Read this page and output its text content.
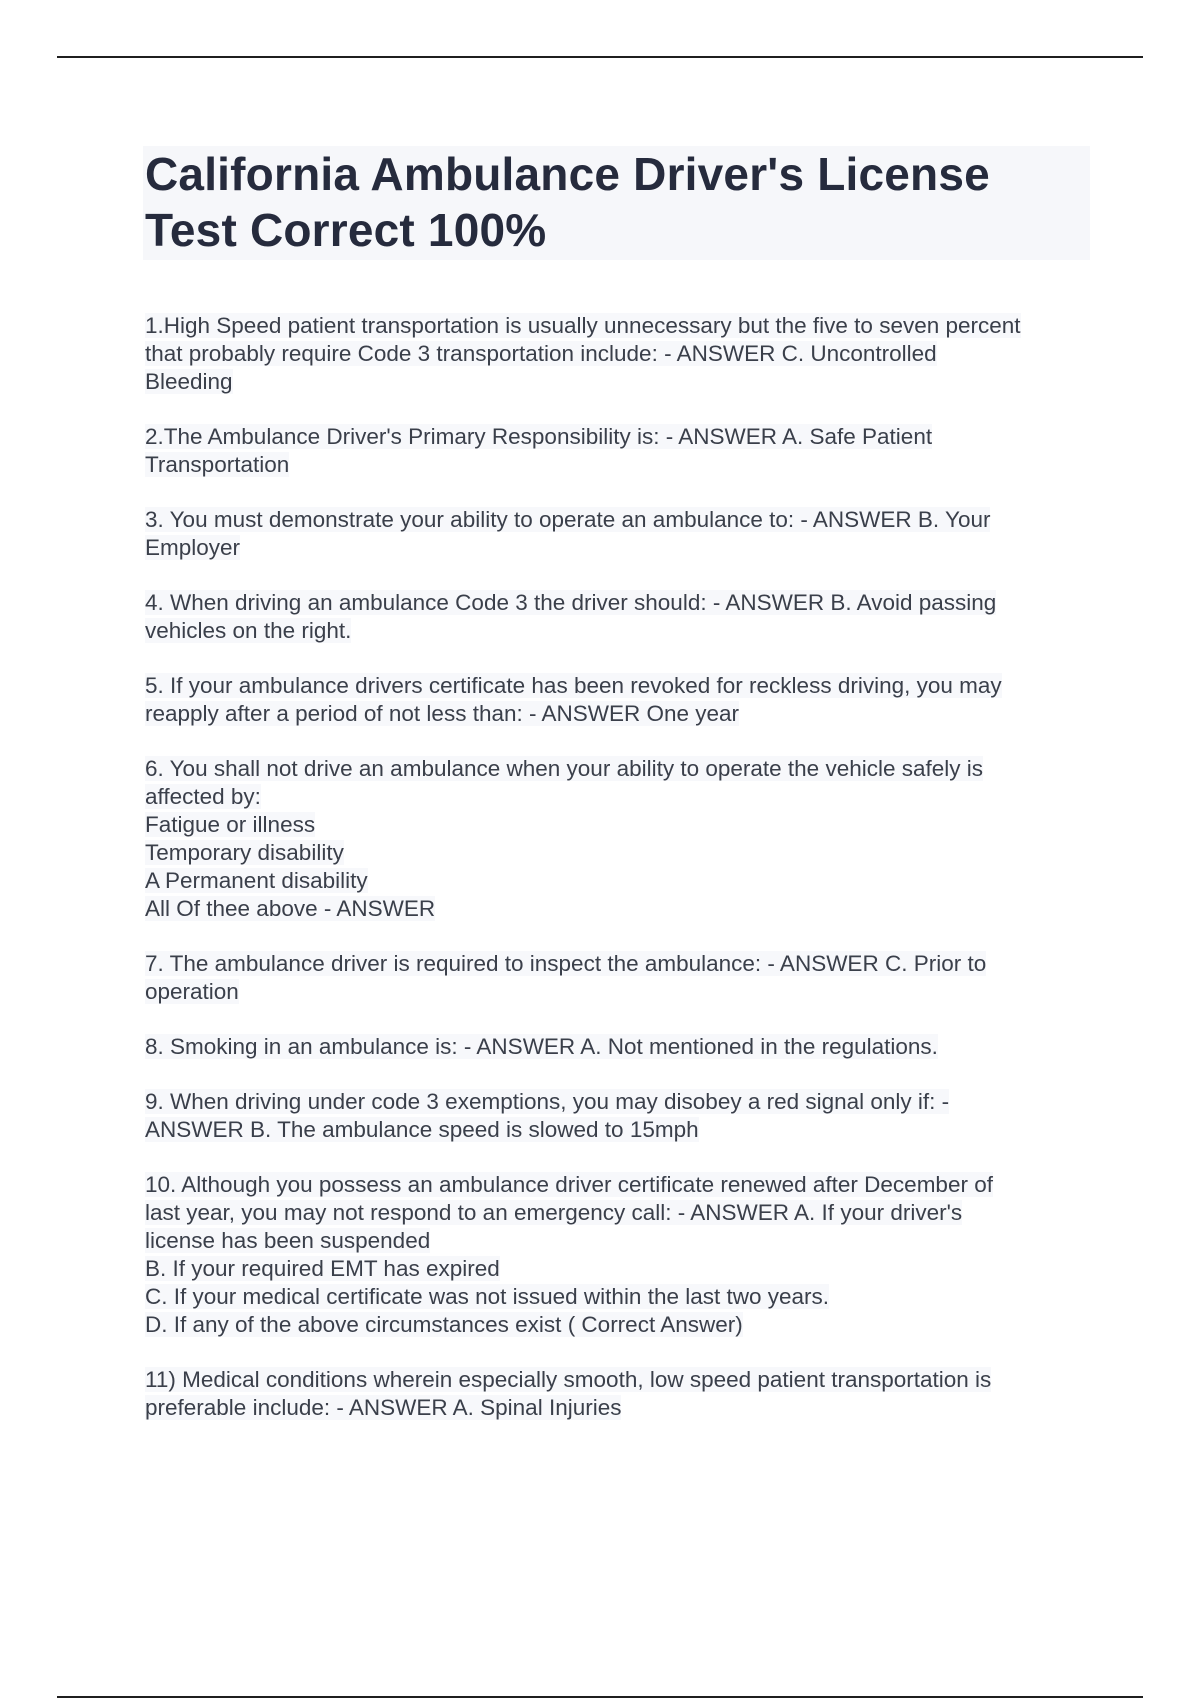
California Ambulance Driver's License
Test Correct 100%

1.High Speed patient transportation is usually unnecessary but the five to seven percent
that probably require Code 3 transportation include: - ANSWER C. Uncontrolled
Bleeding

2.The Ambulance Driver's Primary Responsibility is: - ANSWER A. Safe Patient
Transportation

3. You must demonstrate your ability to operate an ambulance to: - ANSWER B. Your
Employer

4. When driving an ambulance Code 3 the driver should: - ANSWER B. Avoid passing
vehicles on the right.

5. If your ambulance drivers certificate has been revoked for reckless driving, you may
reapply after a period of not less than: - ANSWER One year

6. You shall not drive an ambulance when your ability to operate the vehicle safely is
affected by:
Fatigue or illness
Temporary disability
A Permanent disability
All Of thee above - ANSWER

7. The ambulance driver is required to inspect the ambulance: - ANSWER C. Prior to
operation

8. Smoking in an ambulance is: - ANSWER A. Not mentioned in the regulations.

9. When driving under code 3 exemptions, you may disobey a red signal only if: -
ANSWER B. The ambulance speed is slowed to 15mph

10. Although you possess an ambulance driver certificate renewed after December of
last year, you may not respond to an emergency call: - ANSWER A. If your driver's
license has been suspended
B. If your required EMT has expired
C. If your medical certificate was not issued within the last two years.
D. If any of the above circumstances exist ( Correct Answer)

11) Medical conditions wherein especially smooth, low speed patient transportation is
preferable include: - ANSWER A. Spinal Injuries
